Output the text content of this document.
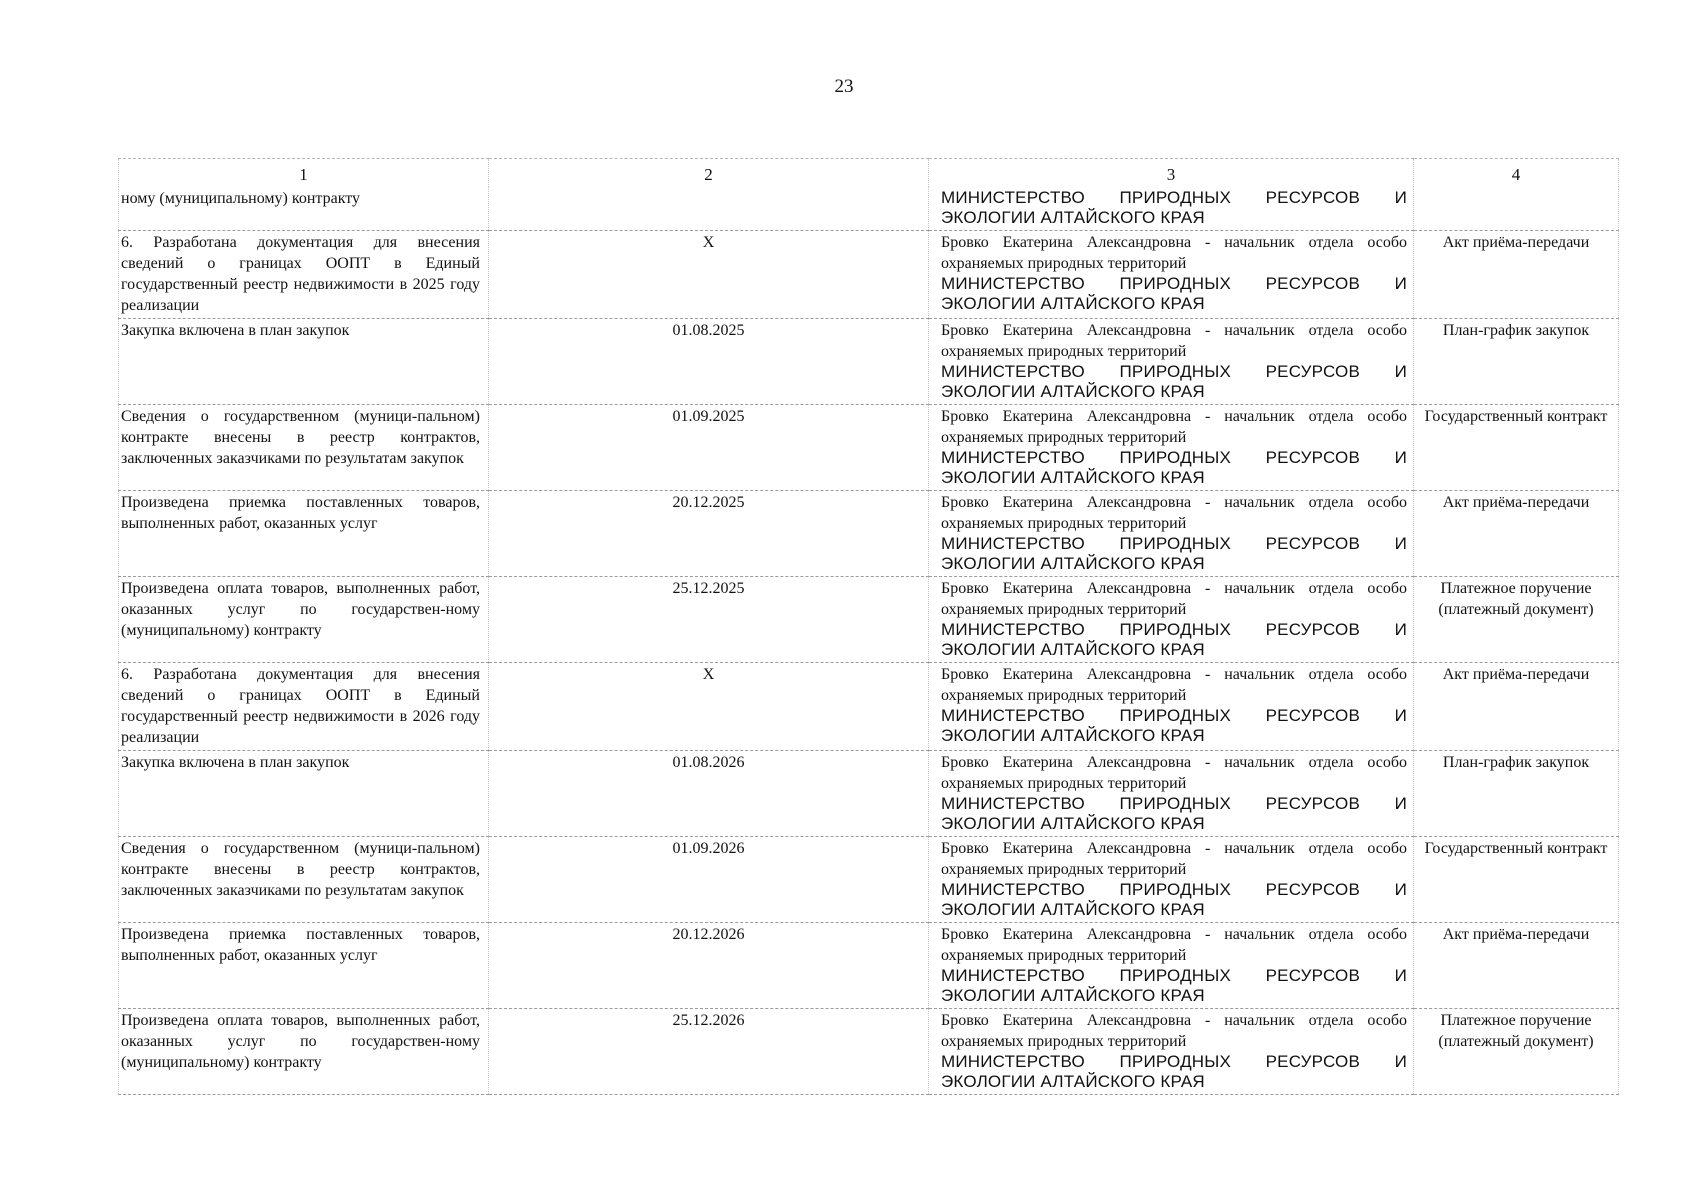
23
1	2	3	4
ному (муниципальному) контракту		МИНИСТЕРСТВО ПРИРОДНЫХ РЕСУРСОВ И
ЭКОЛОГИИ АЛТАЙСКОГО КРАЯ	

6. Разработана документация для внесения сведений о границах ООПТ в Единый государственный реестр недвижимости в 2025 году реализации	Х	Бровко Екатерина Александровна - начальник отдела особо охраняемых природных территорий
МИНИСТЕРСТВО ПРИРОДНЫХ РЕСУРСОВ И
ЭКОЛОГИИ АЛТАЙСКОГО КРАЯ	Акт приёма-передачи
Закупка включена в план закупок	01.08.2025	Бровко Екатерина Александровна - начальник отдела особо охраняемых природных территорий
МИНИСТЕРСТВО ПРИРОДНЫХ РЕСУРСОВ И
ЭКОЛОГИИ АЛТАЙСКОГО КРАЯ	План-график закупок
Сведения о государственном (муници-пальном) контракте внесены в реестр контрактов, заключенных заказчиками по результатам закупок	01.09.2025	Бровко Екатерина Александровна - начальник отдела особо охраняемых природных территорий
МИНИСТЕРСТВО ПРИРОДНЫХ РЕСУРСОВ И
ЭКОЛОГИИ АЛТАЙСКОГО КРАЯ	Государственный контракт
Произведена приемка поставленных товаров, выполненных работ, оказанных услуг	20.12.2025	Бровко Екатерина Александровна - начальник отдела особо охраняемых природных территорий
МИНИСТЕРСТВО ПРИРОДНЫХ РЕСУРСОВ И
ЭКОЛОГИИ АЛТАЙСКОГО КРАЯ	Акт приёма-передачи
Произведена оплата товаров, выполненных работ, оказанных услуг по государствен-ному (муниципальному) контракту	25.12.2025	Бровко Екатерина Александровна - начальник отдела особо охраняемых природных территорий
МИНИСТЕРСТВО ПРИРОДНЫХ РЕСУРСОВ И
ЭКОЛОГИИ АЛТАЙСКОГО КРАЯ	Платежное поручение (платежный документ)
6. Разработана документация для внесения сведений о границах ООПТ в Единый государственный реестр недвижимости в 2026 году реализации	Х	Бровко Екатерина Александровна - начальник отдела особо охраняемых природных территорий
МИНИСТЕРСТВО ПРИРОДНЫХ РЕСУРСОВ И
ЭКОЛОГИИ АЛТАЙСКОГО КРАЯ	Акт приёма-передачи
Закупка включена в план закупок	01.08.2026	Бровко Екатерина Александровна - начальник отдела особо охраняемых природных территорий
МИНИСТЕРСТВО ПРИРОДНЫХ РЕСУРСОВ И
ЭКОЛОГИИ АЛТАЙСКОГО КРАЯ	План-график закупок
Сведения о государственном (муници-пальном) контракте внесены в реестр контрактов, заключенных заказчиками по результатам закупок	01.09.2026	Бровко Екатерина Александровна - начальник отдела особо охраняемых природных территорий
МИНИСТЕРСТВО ПРИРОДНЫХ РЕСУРСОВ И
ЭКОЛОГИИ АЛТАЙСКОГО КРАЯ	Государственный контракт
Произведена приемка поставленных товаров, выполненных работ, оказанных услуг	20.12.2026	Бровко Екатерина Александровна - начальник отдела особо охраняемых природных территорий
МИНИСТЕРСТВО ПРИРОДНЫХ РЕСУРСОВ И
ЭКОЛОГИИ АЛТАЙСКОГО КРАЯ	Акт приёма-передачи
Произведена оплата товаров, выполненных работ, оказанных услуг по государствен-ному (муниципальному) контракту	25.12.2026	Бровко Екатерина Александровна - начальник отдела особо охраняемых природных территорий
МИНИСТЕРСТВО ПРИРОДНЫХ РЕСУРСОВ И
ЭКОЛОГИИ АЛТАЙСКОГО КРАЯ	Платежное поручение (платежный документ)
